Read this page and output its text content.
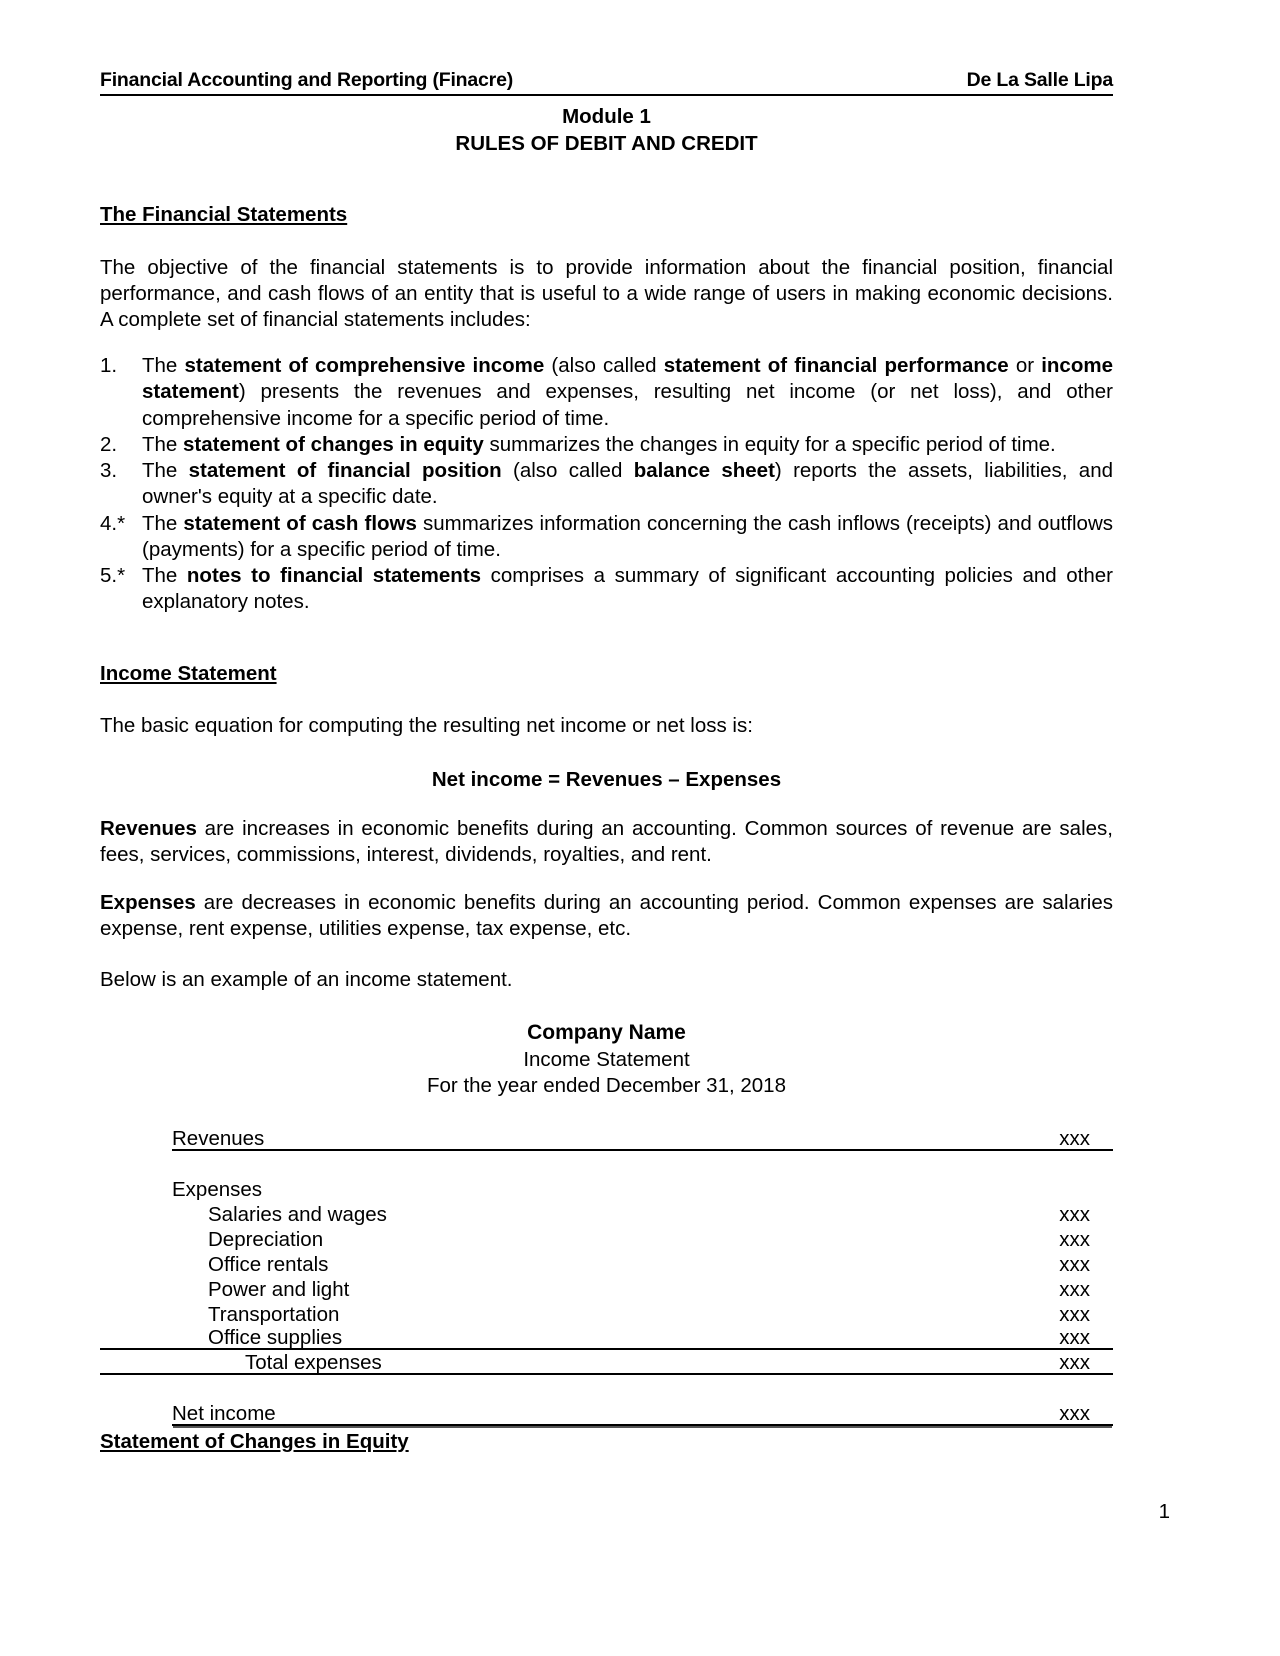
Financial Accounting and Reporting (Finacre)	De La Salle Lipa
Module 1
RULES OF DEBIT AND CREDIT
The Financial Statements

The objective of the financial statements is to provide information about the financial position, financial performance, and cash flows of an entity that is useful to a wide range of users in making economic decisions. A complete set of financial statements includes:

1.	The statement of comprehensive income (also called statement of financial performance or income statement) presents the revenues and expenses, resulting net income (or net loss), and other comprehensive income for a specific period of time.
2.	The statement of changes in equity summarizes the changes in equity for a specific period of time.
3.	The statement of financial position (also called balance sheet) reports the assets, liabilities, and owner's equity at a specific date.
4.* The statement of cash flows summarizes information concerning the cash inflows (receipts) and outflows (payments) for a specific period of time.
5.* The notes to financial statements comprises a summary of significant accounting policies and other explanatory notes.
Income Statement

The basic equation for computing the resulting net income or net loss is:

Net income = Revenues – Expenses

Revenues are increases in economic benefits during an accounting. Common sources of revenue are sales, fees, services, commissions, interest, dividends, royalties, and rent.

Expenses are decreases in economic benefits during an accounting period. Common expenses are salaries expense, rent expense, utilities expense, tax expense, etc.

Below is an example of an income statement.

Company Name
Income Statement
For the year ended December 31, 2018
Revenues	xxx
Expenses
Salaries and wages	xxx
Depreciation	xxx
Office rentals	xxx
Power and light	xxx
Transportation	xxx
Office supplies	xxx
Total expenses	xxx
Net income	xxx
Statement of Changes in Equity
1
